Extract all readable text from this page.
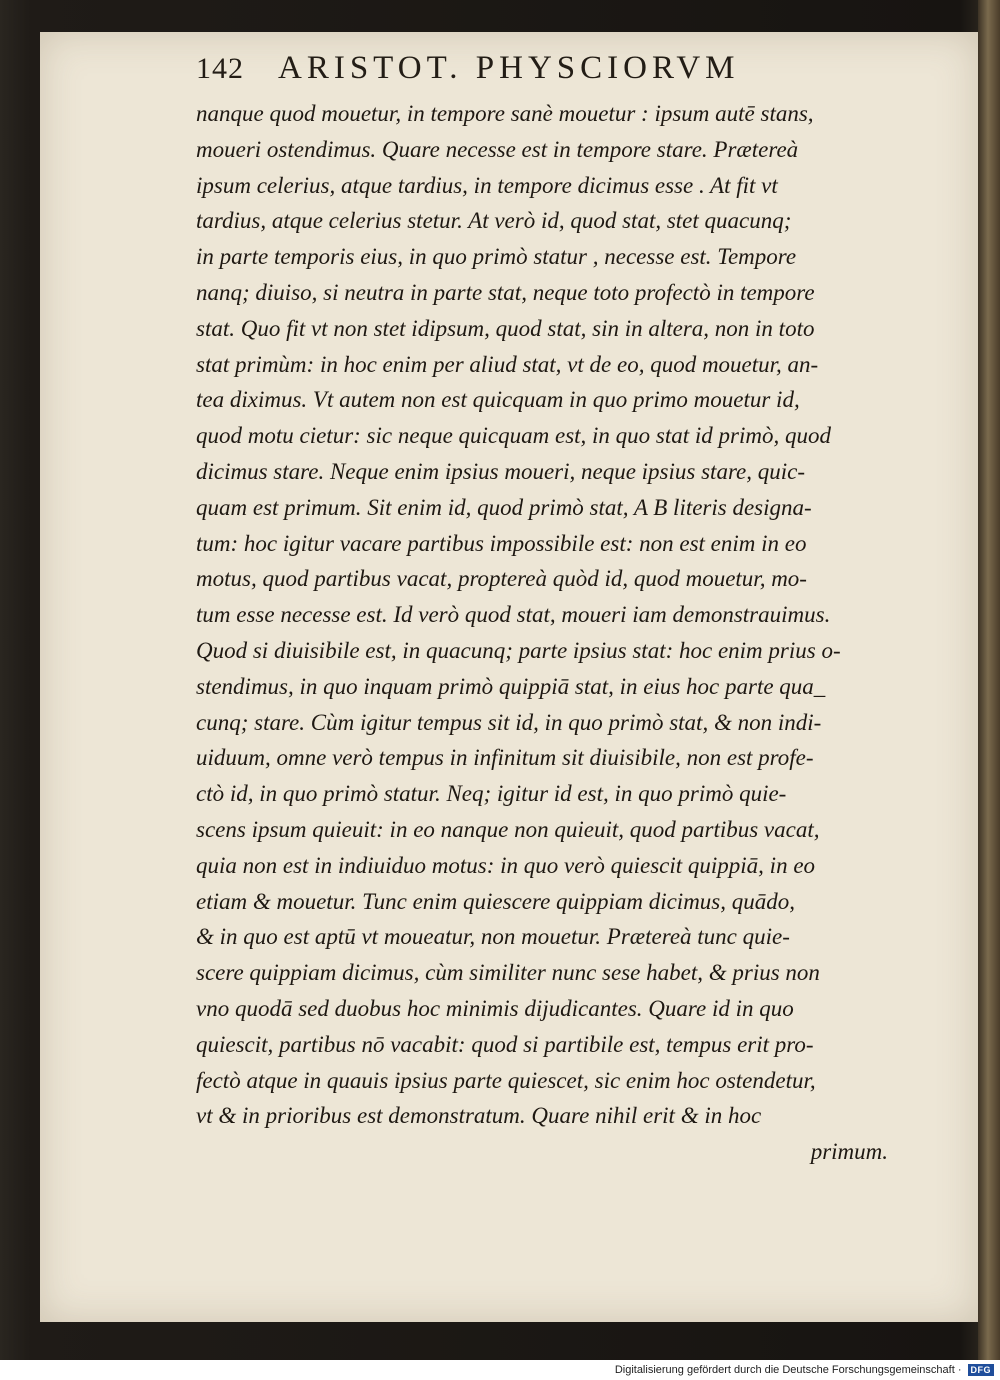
142 ARISTOT. PHYSCIORVM
nanque quod mouetur, in tempore sanè mouetur : ipsum autē stans,
moueri ostendimus. Quare necesse est in tempore stare. Prætereà
ipsum celerius, atque tardius, in tempore dicimus esse . At fit vt
tardius, atque celerius stetur. At verò id, quod stat, stet quacunq;
in parte temporis eius, in quo primò statur , necesse est. Tempore
nanq; diuiso, si neutra in parte stat, neque toto profectò in tempore
stat. Quo fit vt non stet idipsum, quod stat, sin in altera, non in toto
stat primùm: in hoc enim per aliud stat, vt de eo, quod mouetur, an-
tea diximus. Vt autem non est quicquam in quo primo mouetur id,
quod motu cietur: sic neque quicquam est, in quo stat id primò, quod
dicimus stare. Neque enim ipsius moueri, neque ipsius stare, quic-
quam est primum. Sit enim id, quod primò stat, A B literis designa-
tum: hoc igitur vacare partibus impossibile est: non est enim in eo
motus, quod partibus vacat, proptereà quòd id, quod mouetur, mo-
tum esse necesse est. Id verò quod stat, moueri iam demonstrauimus.
Quod si diuisibile est, in quacunq; parte ipsius stat: hoc enim prius o-
stendimus, in quo inquam primò quippiā stat, in eius hoc parte qua_
cunq; stare. Cùm igitur tempus sit id, in quo primò stat, & non indi-
uiduum, omne verò tempus in infinitum sit diuisibile, non est profe-
ctò id, in quo primò statur. Neq; igitur id est, in quo primò quie-
scens ipsum quieuit: in eo nanque non quieuit, quod partibus vacat,
quia non est in indiuiduo motus: in quo verò quiescit quippiā, in eo
etiam & mouetur. Tunc enim quiescere quippiam dicimus, quādo,
& in quo est aptū vt moueatur, non mouetur. Prætereà tunc quie-
scere quippiam dicimus, cùm similiter nunc sese habet, & prius non
vno quodā sed duobus hoc minimis dijudicantes. Quare id in quo
quiescit, partibus nō vacabit: quod si partibile est, tempus erit pro-
fectò atque in quauis ipsius parte quiescet, sic enim hoc ostendetur,
vt & in prioribus est demonstratum. Quare nihil erit & in hoc
primum.
Digitalisierung gefördert durch die Deutsche Forschungsgemeinschaft ·	DFG
